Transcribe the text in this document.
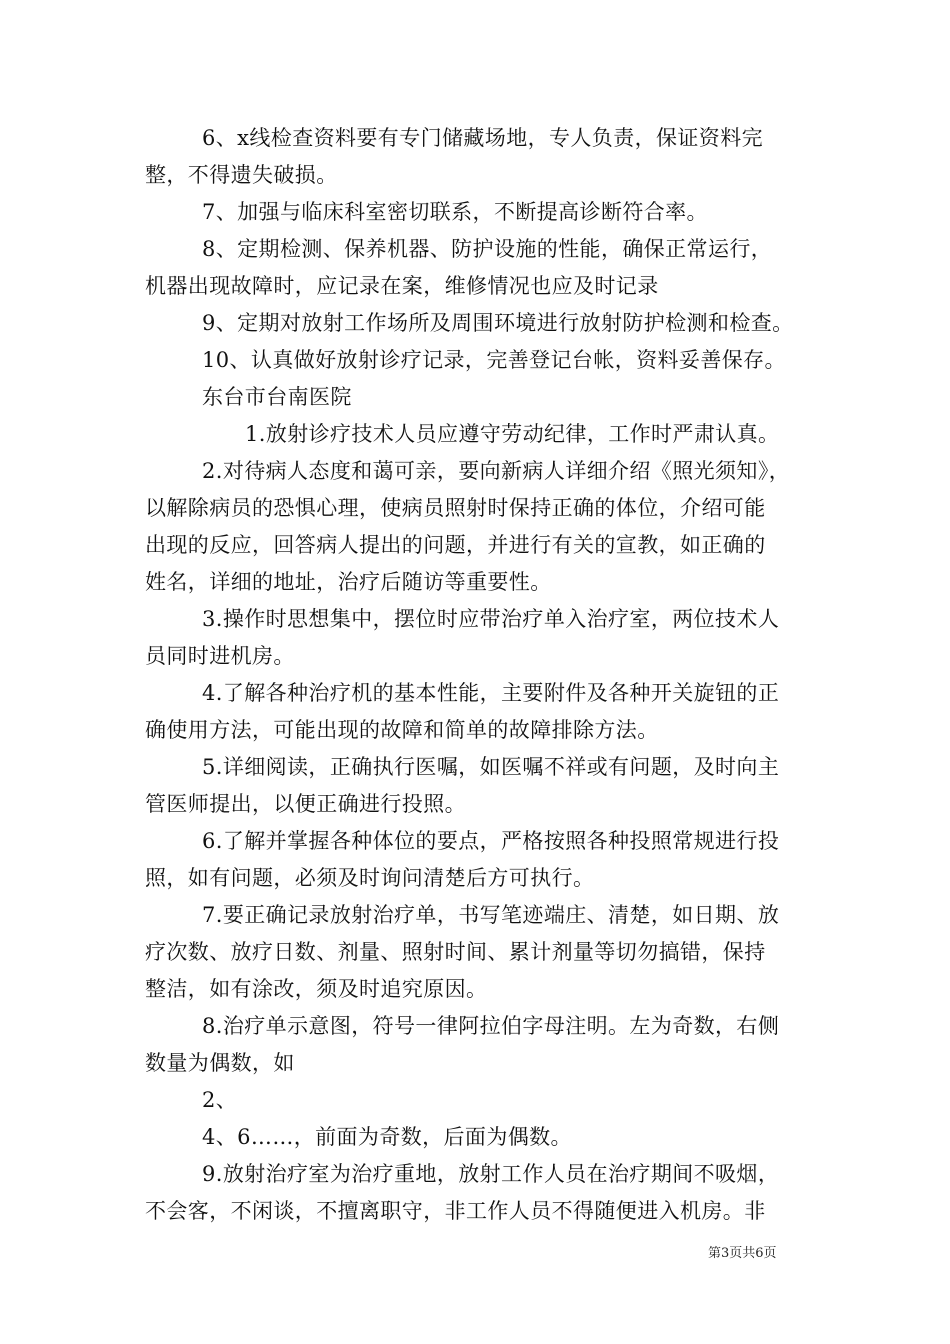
6、x线检查资料要有专门储藏场地，专人负责，保证资料完
整，不得遗失破损。
7、加强与临床科室密切联系，不断提高诊断符合率。
8、定期检测、保养机器、防护设施的性能，确保正常运行，
机器出现故障时，应记录在案，维修情况也应及时记录
9、定期对放射工作场所及周围环境进行放射防护检测和检查。
10、认真做好放射诊疗记录，完善登记台帐，资料妥善保存。
东台市台南医院
1.放射诊疗技术人员应遵守劳动纪律，工作时严肃认真。
2.对待病人态度和蔼可亲，要向新病人详细介绍《照光须知》，
以解除病员的恐惧心理，使病员照射时保持正确的体位，介绍可能
出现的反应，回答病人提出的问题，并进行有关的宣教，如正确的
姓名，详细的地址，治疗后随访等重要性。
3.操作时思想集中，摆位时应带治疗单入治疗室，两位技术人
员同时进机房。
4.了解各种治疗机的基本性能，主要附件及各种开关旋钮的正
确使用方法，可能出现的故障和简单的故障排除方法。
5.详细阅读，正确执行医嘱，如医嘱不祥或有问题，及时向主
管医师提出，以便正确进行投照。
6.了解并掌握各种体位的要点，严格按照各种投照常规进行投
照，如有问题，必须及时询问清楚后方可执行。
7.要正确记录放射治疗单，书写笔迹端庄、清楚，如日期、放
疗次数、放疗日数、剂量、照射时间、累计剂量等切勿搞错，保持
整洁，如有涂改，须及时追究原因。
8.治疗单示意图，符号一律阿拉伯字母注明。左为奇数，右侧
数量为偶数，如
2、
4、6……，前面为奇数，后面为偶数。
9.放射治疗室为治疗重地，放射工作人员在治疗期间不吸烟，
不会客，不闲谈，不擅离职守，非工作人员不得随便进入机房。非
第3页共6页
